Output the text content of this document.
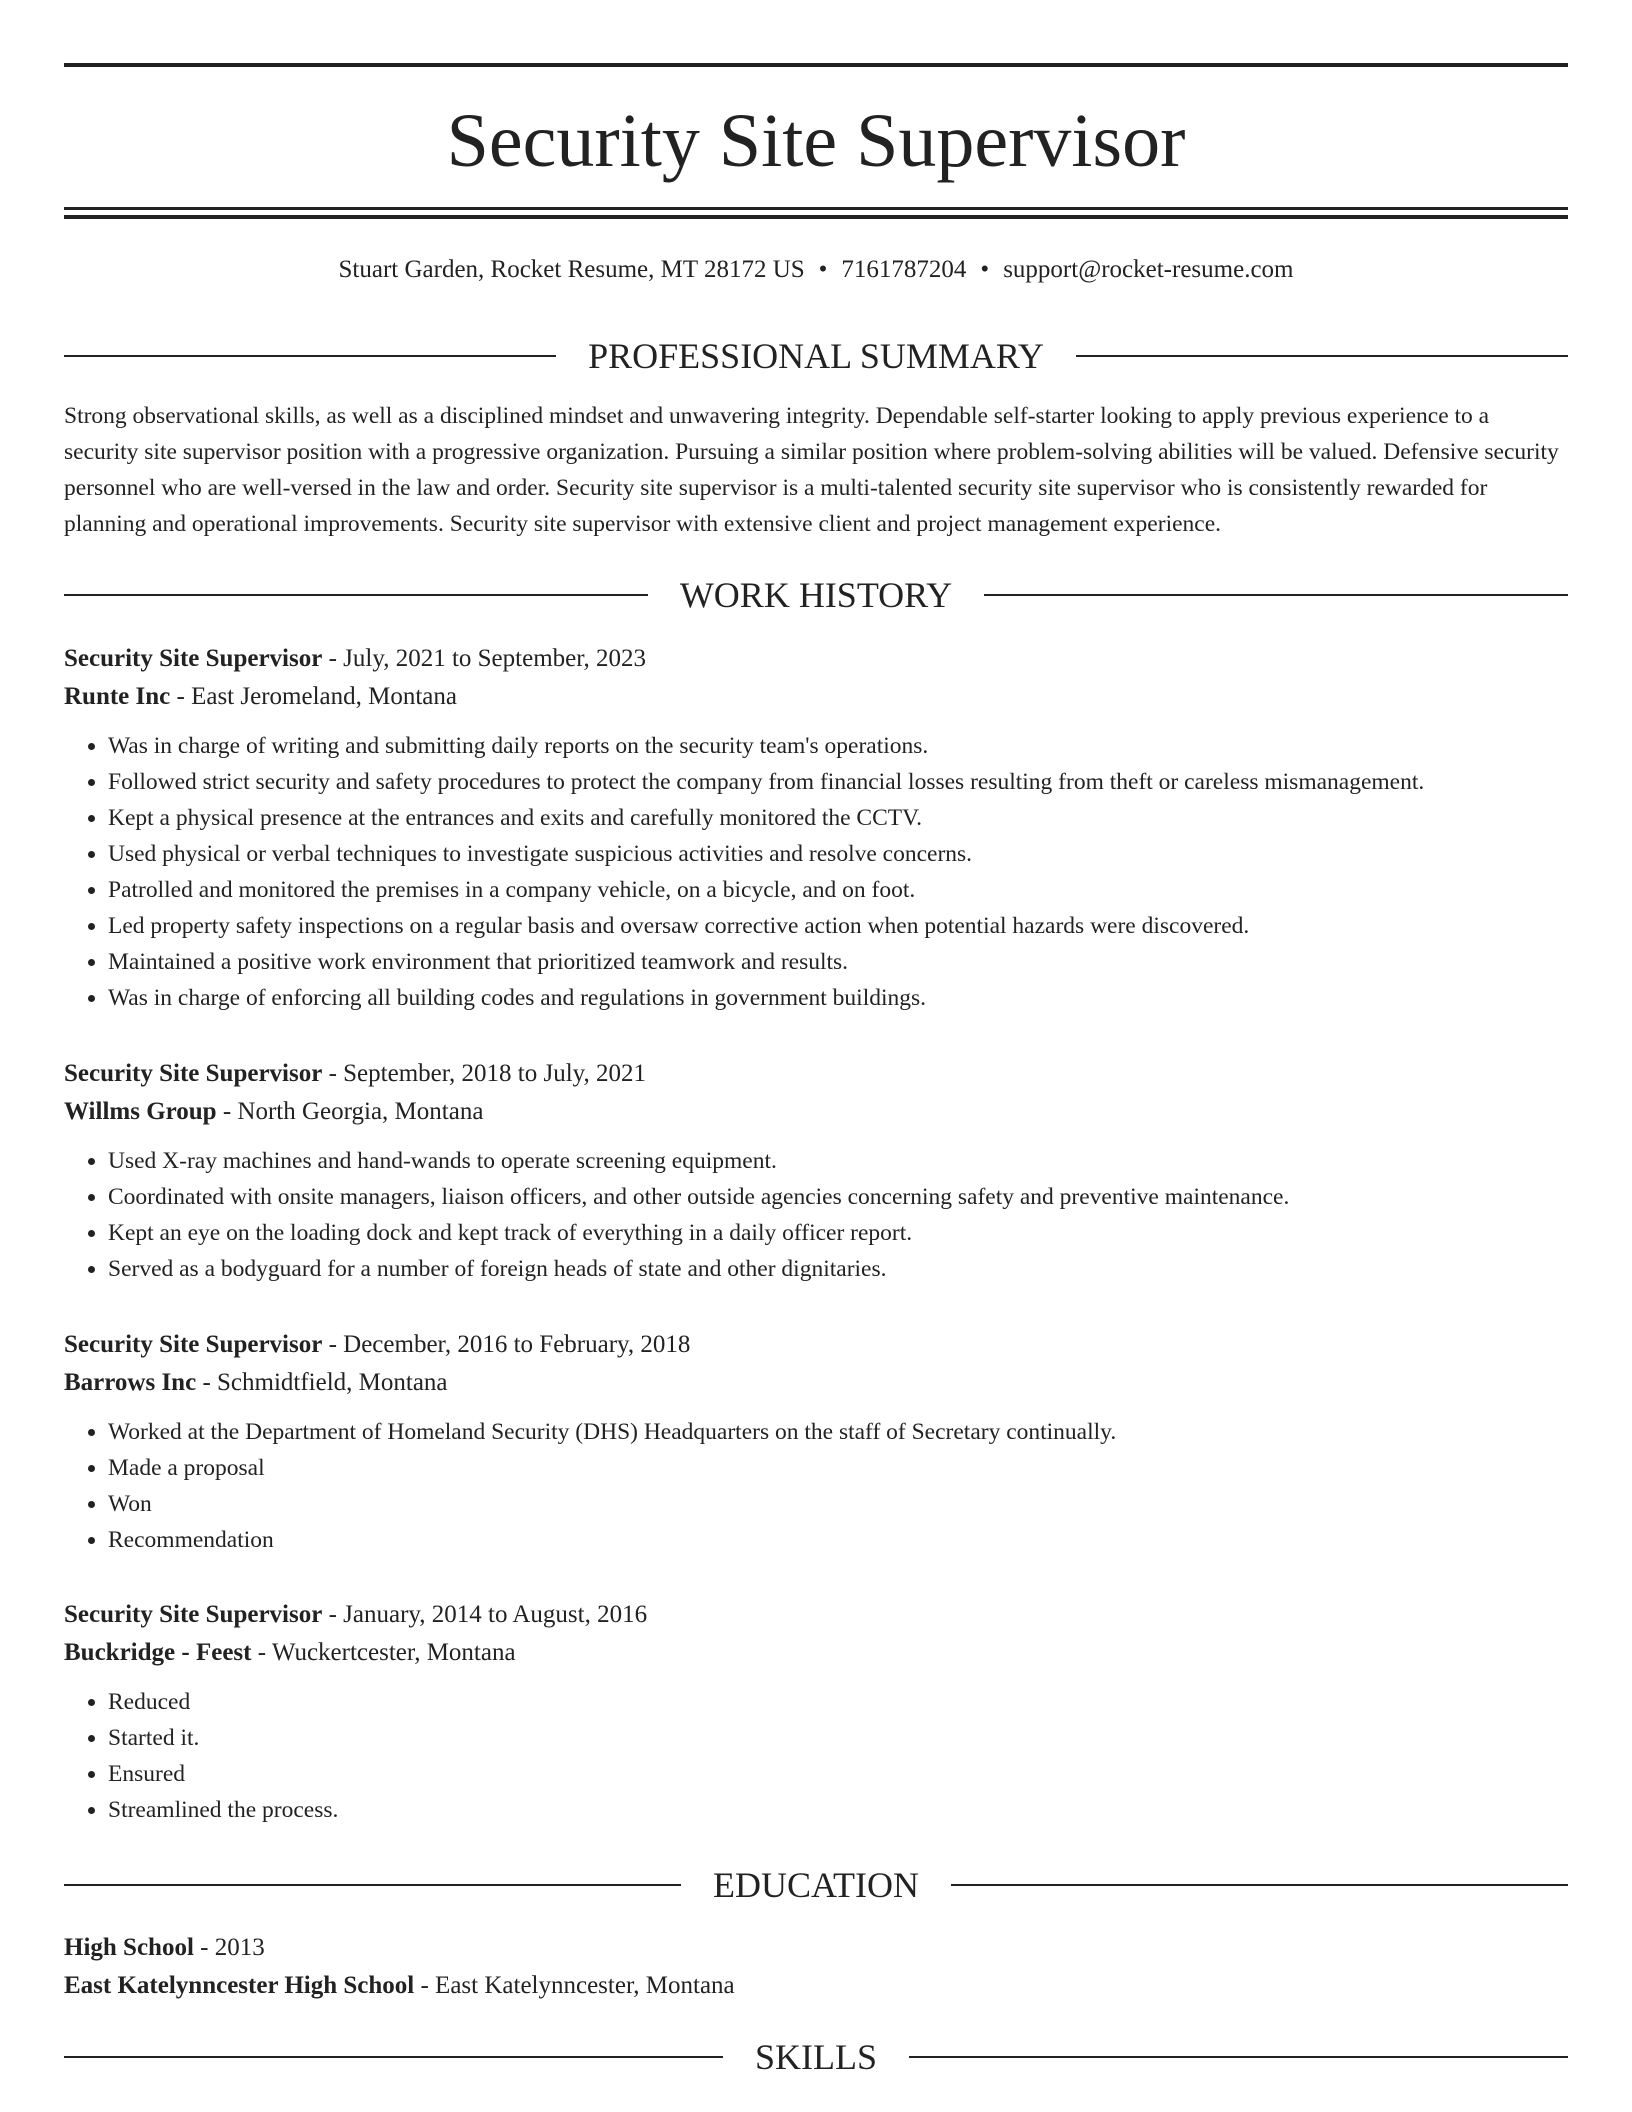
Security Site Supervisor
Stuart Garden, Rocket Resume, MT 28172 US • 7161787204 • support@rocket-resume.com
PROFESSIONAL SUMMARY

Strong observational skills, as well as a disciplined mindset and unwavering integrity. Dependable self-starter looking to apply previous experience to a security site supervisor position with a progressive organization. Pursuing a similar position where problem-solving abilities will be valued. Defensive security personnel who are well-versed in the law and order. Security site supervisor is a multi-talented security site supervisor who is consistently rewarded for planning and operational improvements. Security site supervisor with extensive client and project management experience.

WORK HISTORY

Security Site Supervisor - July, 2021 to September, 2023

Runte Inc - East Jeromeland, Montana

• Was in charge of writing and submitting daily reports on the security team's operations.
• Followed strict security and safety procedures to protect the company from financial losses resulting from theft or careless mismanagement.
• Kept a physical presence at the entrances and exits and carefully monitored the CCTV.
• Used physical or verbal techniques to investigate suspicious activities and resolve concerns.
• Patrolled and monitored the premises in a company vehicle, on a bicycle, and on foot.
• Led property safety inspections on a regular basis and oversaw corrective action when potential hazards were discovered.
• Maintained a positive work environment that prioritized teamwork and results.
• Was in charge of enforcing all building codes and regulations in government buildings.

Security Site Supervisor - September, 2018 to July, 2021

Willms Group - North Georgia, Montana

• Used X-ray machines and hand-wands to operate screening equipment.
• Coordinated with onsite managers, liaison officers, and other outside agencies concerning safety and preventive maintenance.
• Kept an eye on the loading dock and kept track of everything in a daily officer report.
• Served as a bodyguard for a number of foreign heads of state and other dignitaries.

Security Site Supervisor - December, 2016 to February, 2018

Barrows Inc - Schmidtfield, Montana

• Worked at the Department of Homeland Security (DHS) Headquarters on the staff of Secretary continually.
• Made a proposal
• Won
• Recommendation

Security Site Supervisor - January, 2014 to August, 2016

Buckridge - Feest - Wuckertcester, Montana

• Reduced
• Started it.
• Ensured
• Streamlined the process.
EDUCATION

High School - 2013

East Katelynncester High School - East Katelynncester, Montana

SKILLS
